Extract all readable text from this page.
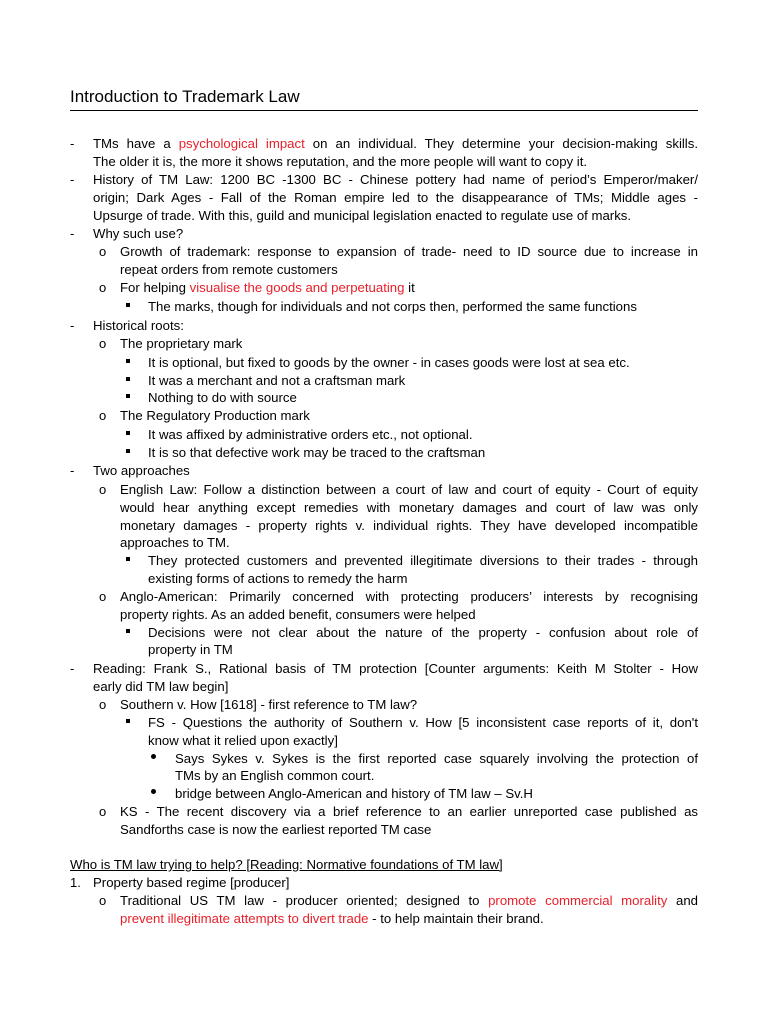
Introduction to Trademark Law
- TMs have a psychological impact on an individual. They determine your decision-making skills.
The older it is, the more it shows reputation, and the more people will want to copy it.
- History of TM Law: 1200 BC -1300 BC - Chinese pottery had name of period’s Emperor/maker/
origin; Dark Ages - Fall of the Roman empire led to the disappearance of TMs; Middle ages -
Upsurge of trade. With this, guild and municipal legislation enacted to regulate use of marks.
- Why such use?
o Growth of trademark: response to expansion of trade- need to ID source due to increase in
repeat orders from remote customers
o For helping visualise the goods and perpetuating it
The marks, though for individuals and not corps then, performed the same functions
- Historical roots:
o The proprietary mark
It is optional, but fixed to goods by the owner - in cases goods were lost at sea etc.
It was a merchant and not a craftsman mark
Nothing to do with source
o The Regulatory Production mark
It was affixed by administrative orders etc., not optional.
It is so that defective work may be traced to the craftsman
- Two approaches
o English Law: Follow a distinction between a court of law and court of equity - Court of equity
would hear anything except remedies with monetary damages and court of law was only
monetary damages - property rights v. individual rights. They have developed incompatible
approaches to TM.
They protected customers and prevented illegitimate diversions to their trades - through
existing forms of actions to remedy the harm
o Anglo-American: Primarily concerned with protecting producers’ interests by recognising
property rights. As an added benefit, consumers were helped
Decisions were not clear about the nature of the property - confusion about role of
property in TM
- Reading: Frank S., Rational basis of TM protection [Counter arguments: Keith M Stolter - How
early did TM law begin]
o Southern v. How [1618] - first reference to TM law?
FS - Questions the authority of Southern v. How [5 inconsistent case reports of it, don't
know what it relied upon exactly]
Says Sykes v. Sykes is the first reported case squarely involving the protection of
TMs by an English common court.
bridge between Anglo-American and history of TM law – Sv.H
o KS - The recent discovery via a brief reference to an earlier unreported case published as
Sandforths case is now the earliest reported TM case
Who is TM law trying to help? [Reading: Normative foundations of TM law]
1. Property based regime [producer]
o Traditional US TM law - producer oriented; designed to promote commercial morality and
prevent illegitimate attempts to divert trade - to help maintain their brand.
